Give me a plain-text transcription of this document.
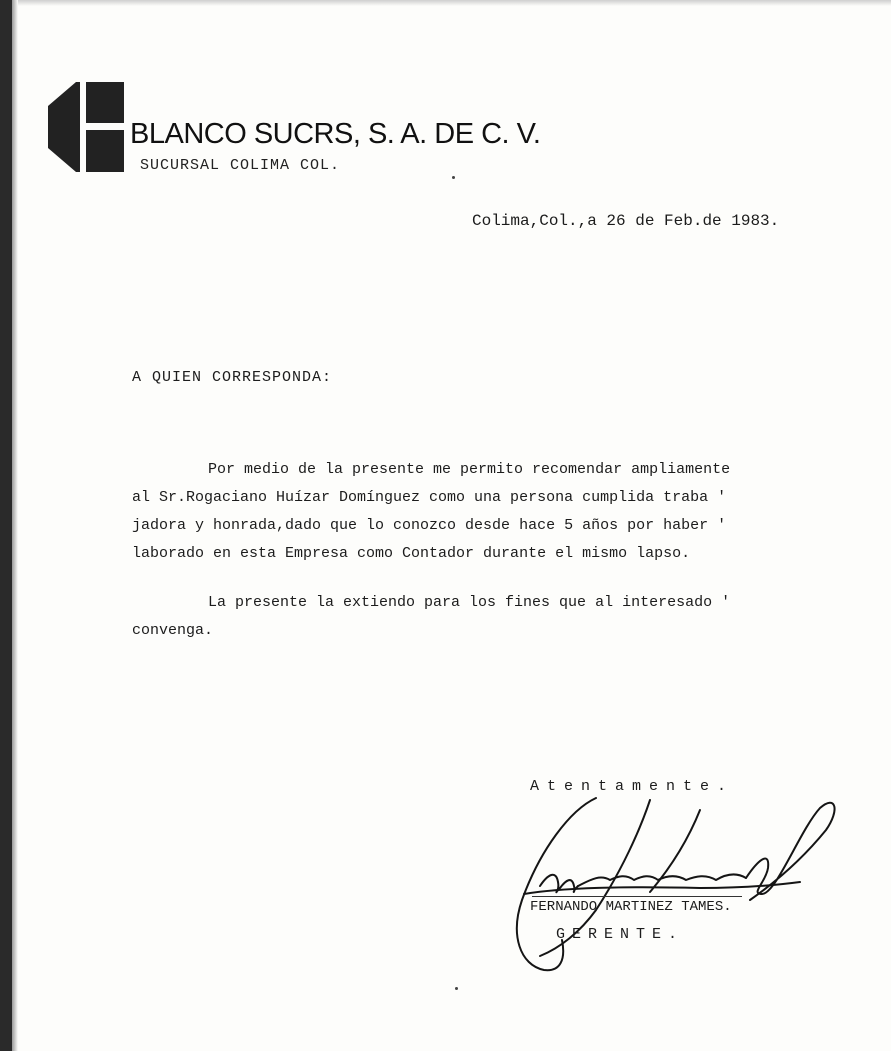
BLANCO SUCRS, S. A. DE C. V.
SUCURSAL COLIMA COL.
Colima,Col.,a 26 de Feb.de 1983.
A QUIEN CORRESPONDA:
Por medio de la presente me permito recomendar ampliamente
al Sr.Rogaciano Huízar Domínguez como una persona cumplida traba '
jadora y honrada,dado que lo conozco desde hace 5 años por haber '
laborado en esta Empresa como Contador durante el mismo lapso.
La presente la extiendo para los fines que al interesado '
convenga.
Atentamente.
FERNANDO MARTINEZ TAMES.
GERENTE.
